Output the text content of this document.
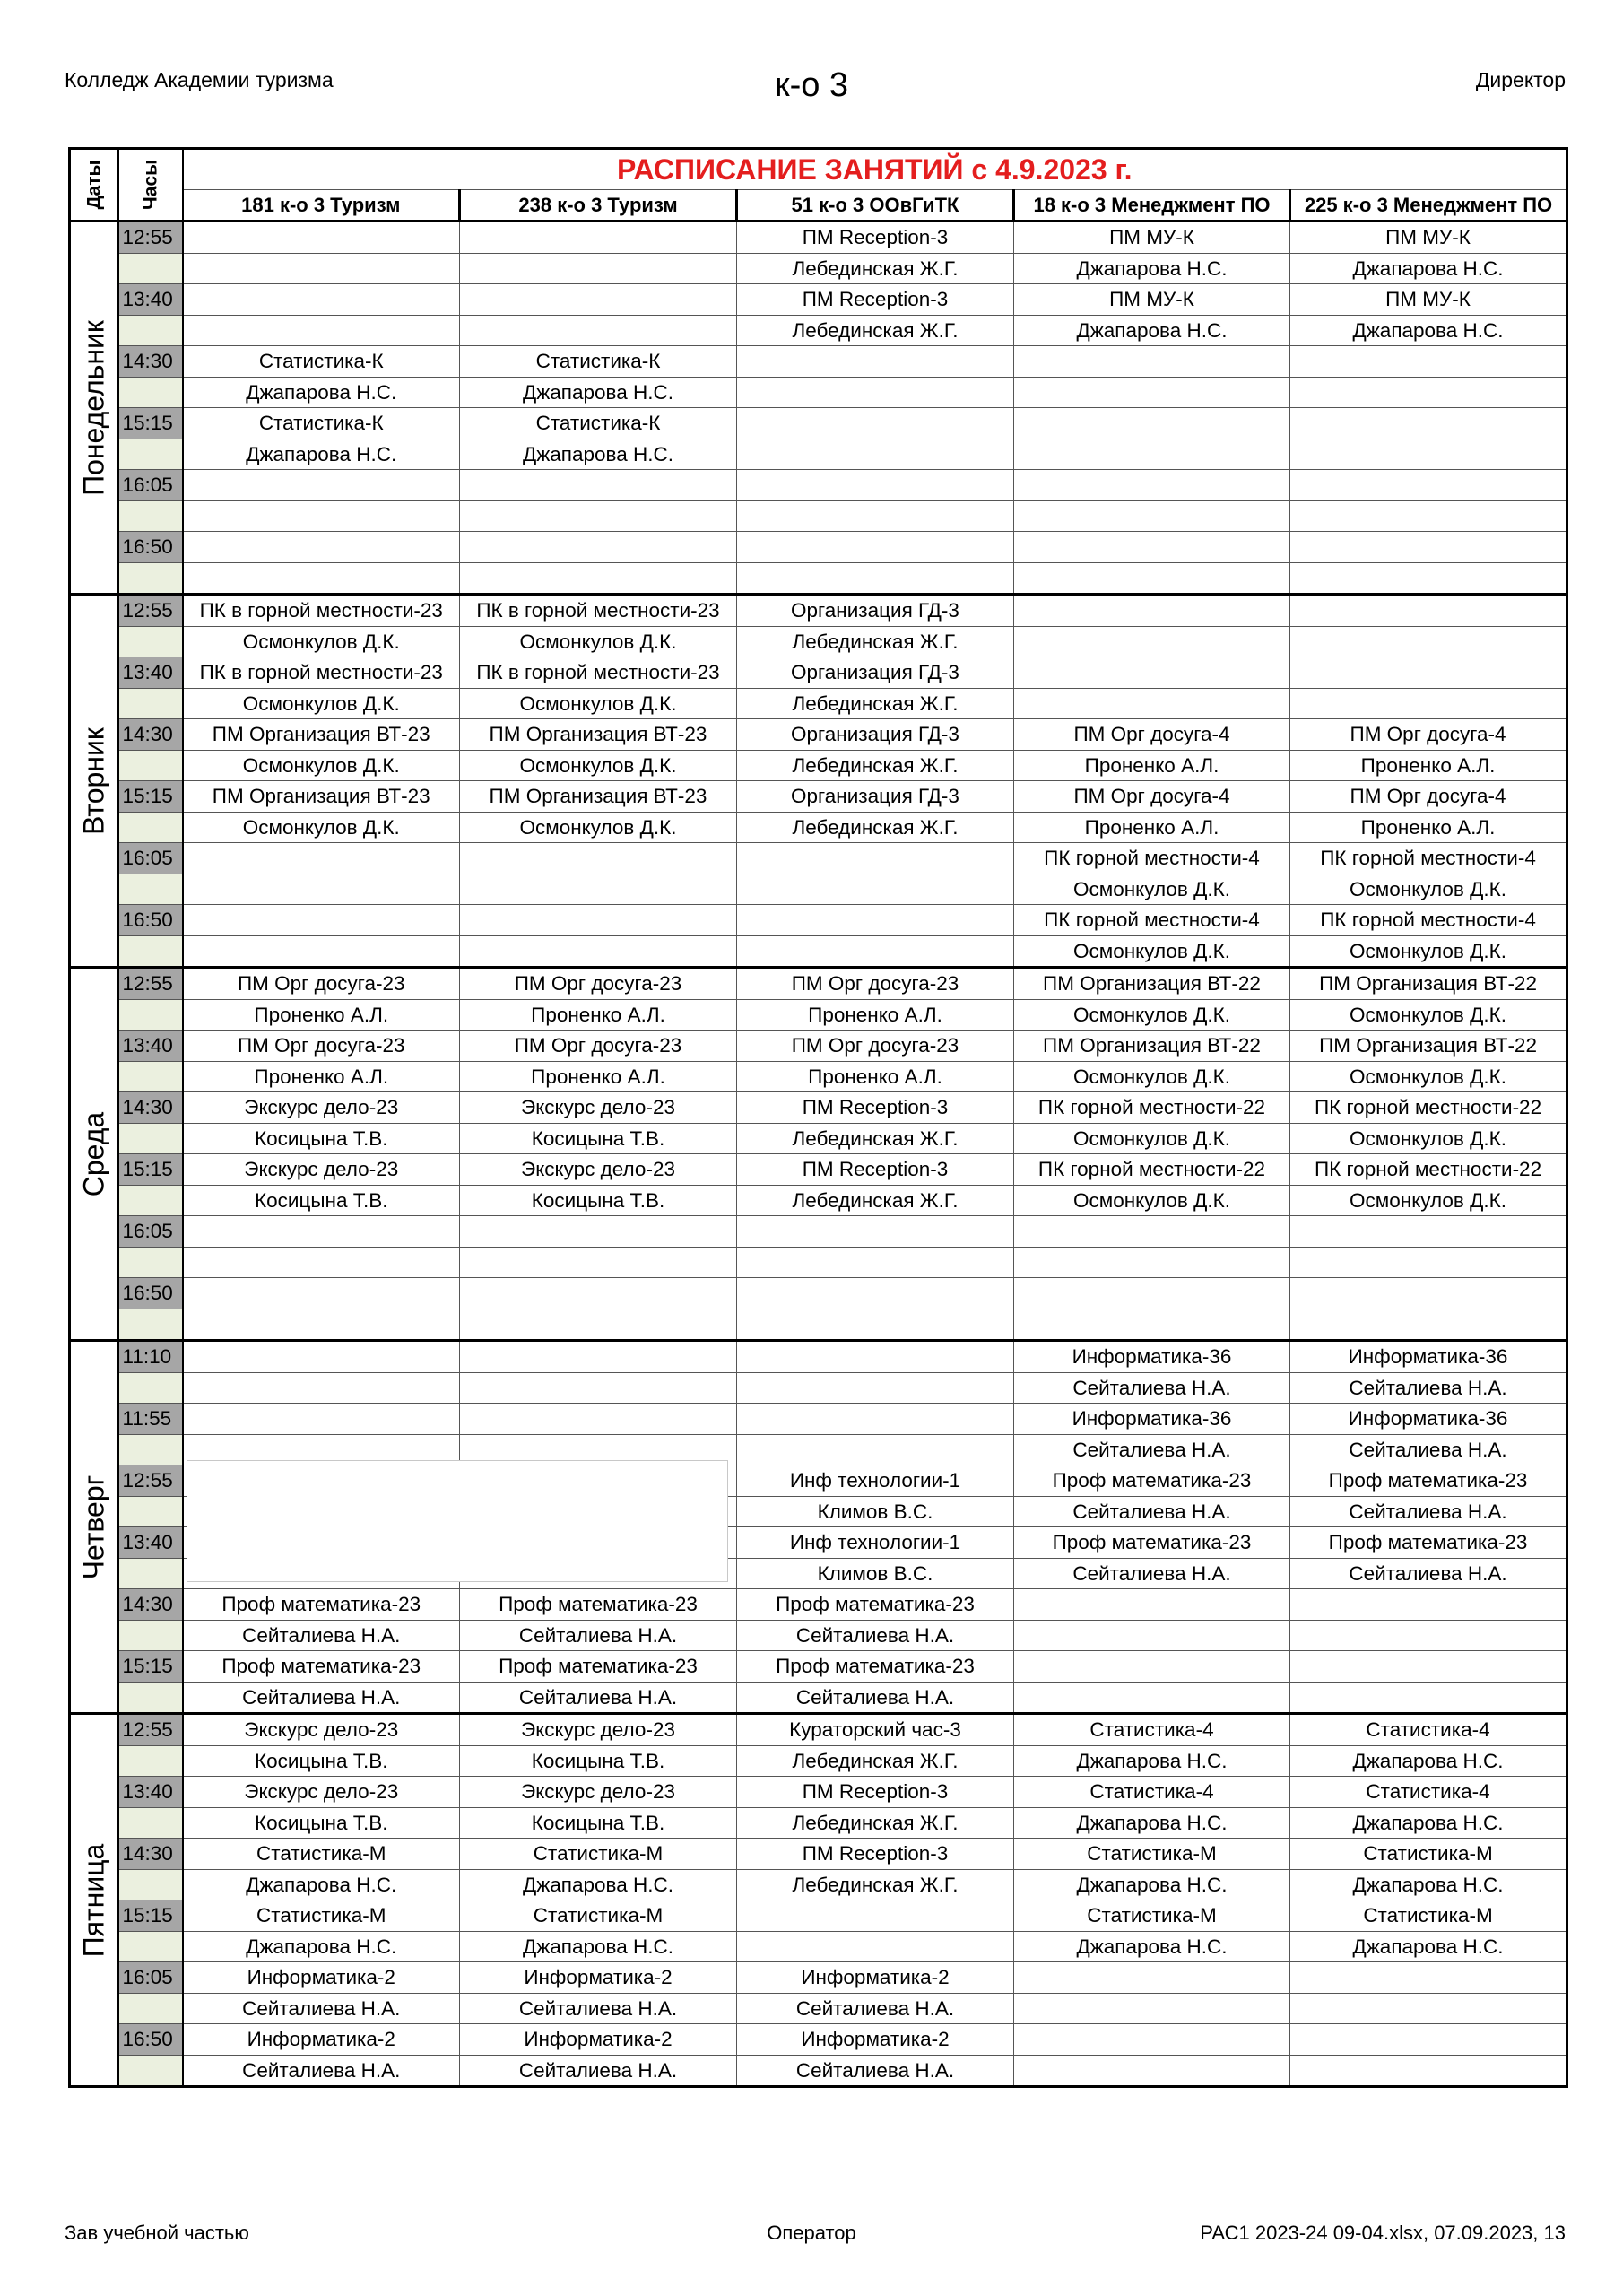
Колледж Академии туризма	к-о 3	Директор
Даты	Часы	РАСПИСАНИЕ ЗАНЯТИЙ с 4.9.2023 г.				
		181 к-о 3 Туризм	238 к-о 3 Туризм	51 к-о 3 ООвГиТК	18 к-о 3 Менеджмент ПО	225 к-о 3 Менеджмент ПО

Понедельник	12:55			ПМ Reception-3	ПМ МУ-К	ПМ МУ-К
				Лебединская Ж.Г.	Джапарова Н.С.	Джапарова Н.С.
	13:40			ПМ Reception-3	ПМ МУ-К	ПМ МУ-К
				Лебединская Ж.Г.	Джапарова Н.С.	Джапарова Н.С.
	14:30	Статистика-К	Статистика-К			
		Джапарова Н.С.	Джапарова Н.С.			
	15:15	Статистика-К	Статистика-К			
		Джапарова Н.С.	Джапарова Н.С.			
	16:05					

	16:50					

Вторник	12:55	ПК в горной местности-23	ПК в горной местности-23	Организация ГД-3		
		Осмонкулов Д.К.	Осмонкулов Д.К.	Лебединская Ж.Г.		
	13:40	ПК в горной местности-23	ПК в горной местности-23	Организация ГД-3		
		Осмонкулов Д.К.	Осмонкулов Д.К.	Лебединская Ж.Г.		
	14:30	ПМ Организация ВТ-23	ПМ Организация ВТ-23	Организация ГД-3	ПМ Орг досуга-4	ПМ Орг досуга-4
		Осмонкулов Д.К.	Осмонкулов Д.К.	Лебединская Ж.Г.	Проненко А.Л.	Проненко А.Л.
	15:15	ПМ Организация ВТ-23	ПМ Организация ВТ-23	Организация ГД-3	ПМ Орг досуга-4	ПМ Орг досуга-4
		Осмонкулов Д.К.	Осмонкулов Д.К.	Лебединская Ж.Г.	Проненко А.Л.	Проненко А.Л.
	16:05				ПК горной местности-4	ПК горной местности-4
					Осмонкулов Д.К.	Осмонкулов Д.К.
	16:50				ПК горной местности-4	ПК горной местности-4
					Осмонкулов Д.К.	Осмонкулов Д.К.

Среда	12:55	ПМ Орг досуга-23	ПМ Орг досуга-23	ПМ Орг досуга-23	ПМ Организация ВТ-22	ПМ Организация ВТ-22
		Проненко А.Л.	Проненко А.Л.	Проненко А.Л.	Осмонкулов Д.К.	Осмонкулов Д.К.
	13:40	ПМ Орг досуга-23	ПМ Орг досуга-23	ПМ Орг досуга-23	ПМ Организация ВТ-22	ПМ Организация ВТ-22
		Проненко А.Л.	Проненко А.Л.	Проненко А.Л.	Осмонкулов Д.К.	Осмонкулов Д.К.
	14:30	Экскурс дело-23	Экскурс дело-23	ПМ Reception-3	ПК горной местности-22	ПК горной местности-22
		Косицына Т.В.	Косицына Т.В.	Лебединская Ж.Г.	Осмонкулов Д.К.	Осмонкулов Д.К.
	15:15	Экскурс дело-23	Экскурс дело-23	ПМ Reception-3	ПК горной местности-22	ПК горной местности-22
		Косицына Т.В.	Косицына Т.В.	Лебединская Ж.Г.	Осмонкулов Д.К.	Осмонкулов Д.К.
	16:05					

	16:50					

Четверг	11:10				Информатика-36	Информатика-36
					Сейталиева Н.А.	Сейталиева Н.А.
	11:55				Информатика-36	Информатика-36
					Сейталиева Н.А.	Сейталиева Н.А.
	12:55			Инф технологии-1	Проф математика-23	Проф математика-23
				Климов В.С.	Сейталиева Н.А.	Сейталиева Н.А.
	13:40			Инф технологии-1	Проф математика-23	Проф математика-23
				Климов В.С.	Сейталиева Н.А.	Сейталиева Н.А.
	14:30	Проф математика-23	Проф математика-23	Проф математика-23		
		Сейталиева Н.А.	Сейталиева Н.А.	Сейталиева Н.А.		
	15:15	Проф математика-23	Проф математика-23	Проф математика-23		
		Сейталиева Н.А.	Сейталиева Н.А.	Сейталиева Н.А.		

Пятница	12:55	Экскурс дело-23	Экскурс дело-23	Кураторский час-3	Статистика-4	Статистика-4
		Косицына Т.В.	Косицына Т.В.	Лебединская Ж.Г.	Джапарова Н.С.	Джапарова Н.С.
	13:40	Экскурс дело-23	Экскурс дело-23	ПМ Reception-3	Статистика-4	Статистика-4
		Косицына Т.В.	Косицына Т.В.	Лебединская Ж.Г.	Джапарова Н.С.	Джапарова Н.С.
	14:30	Статистика-М	Статистика-М	ПМ Reception-3	Статистика-М	Статистика-М
		Джапарова Н.С.	Джапарова Н.С.	Лебединская Ж.Г.	Джапарова Н.С.	Джапарова Н.С.
	15:15	Статистика-М	Статистика-М		Статистика-М	Статистика-М
		Джапарова Н.С.	Джапарова Н.С.		Джапарова Н.С.	Джапарова Н.С.
	16:05	Информатика-2	Информатика-2	Информатика-2		
		Сейталиева Н.А.	Сейталиева Н.А.	Сейталиева Н.А.		
	16:50	Информатика-2	Информатика-2	Информатика-2		
		Сейталиева Н.А.	Сейталиева Н.А.	Сейталиева Н.А.		
Зав учебной частью	Оператор	РАС1 2023-24 09-04.xlsx, 07.09.2023, 13
